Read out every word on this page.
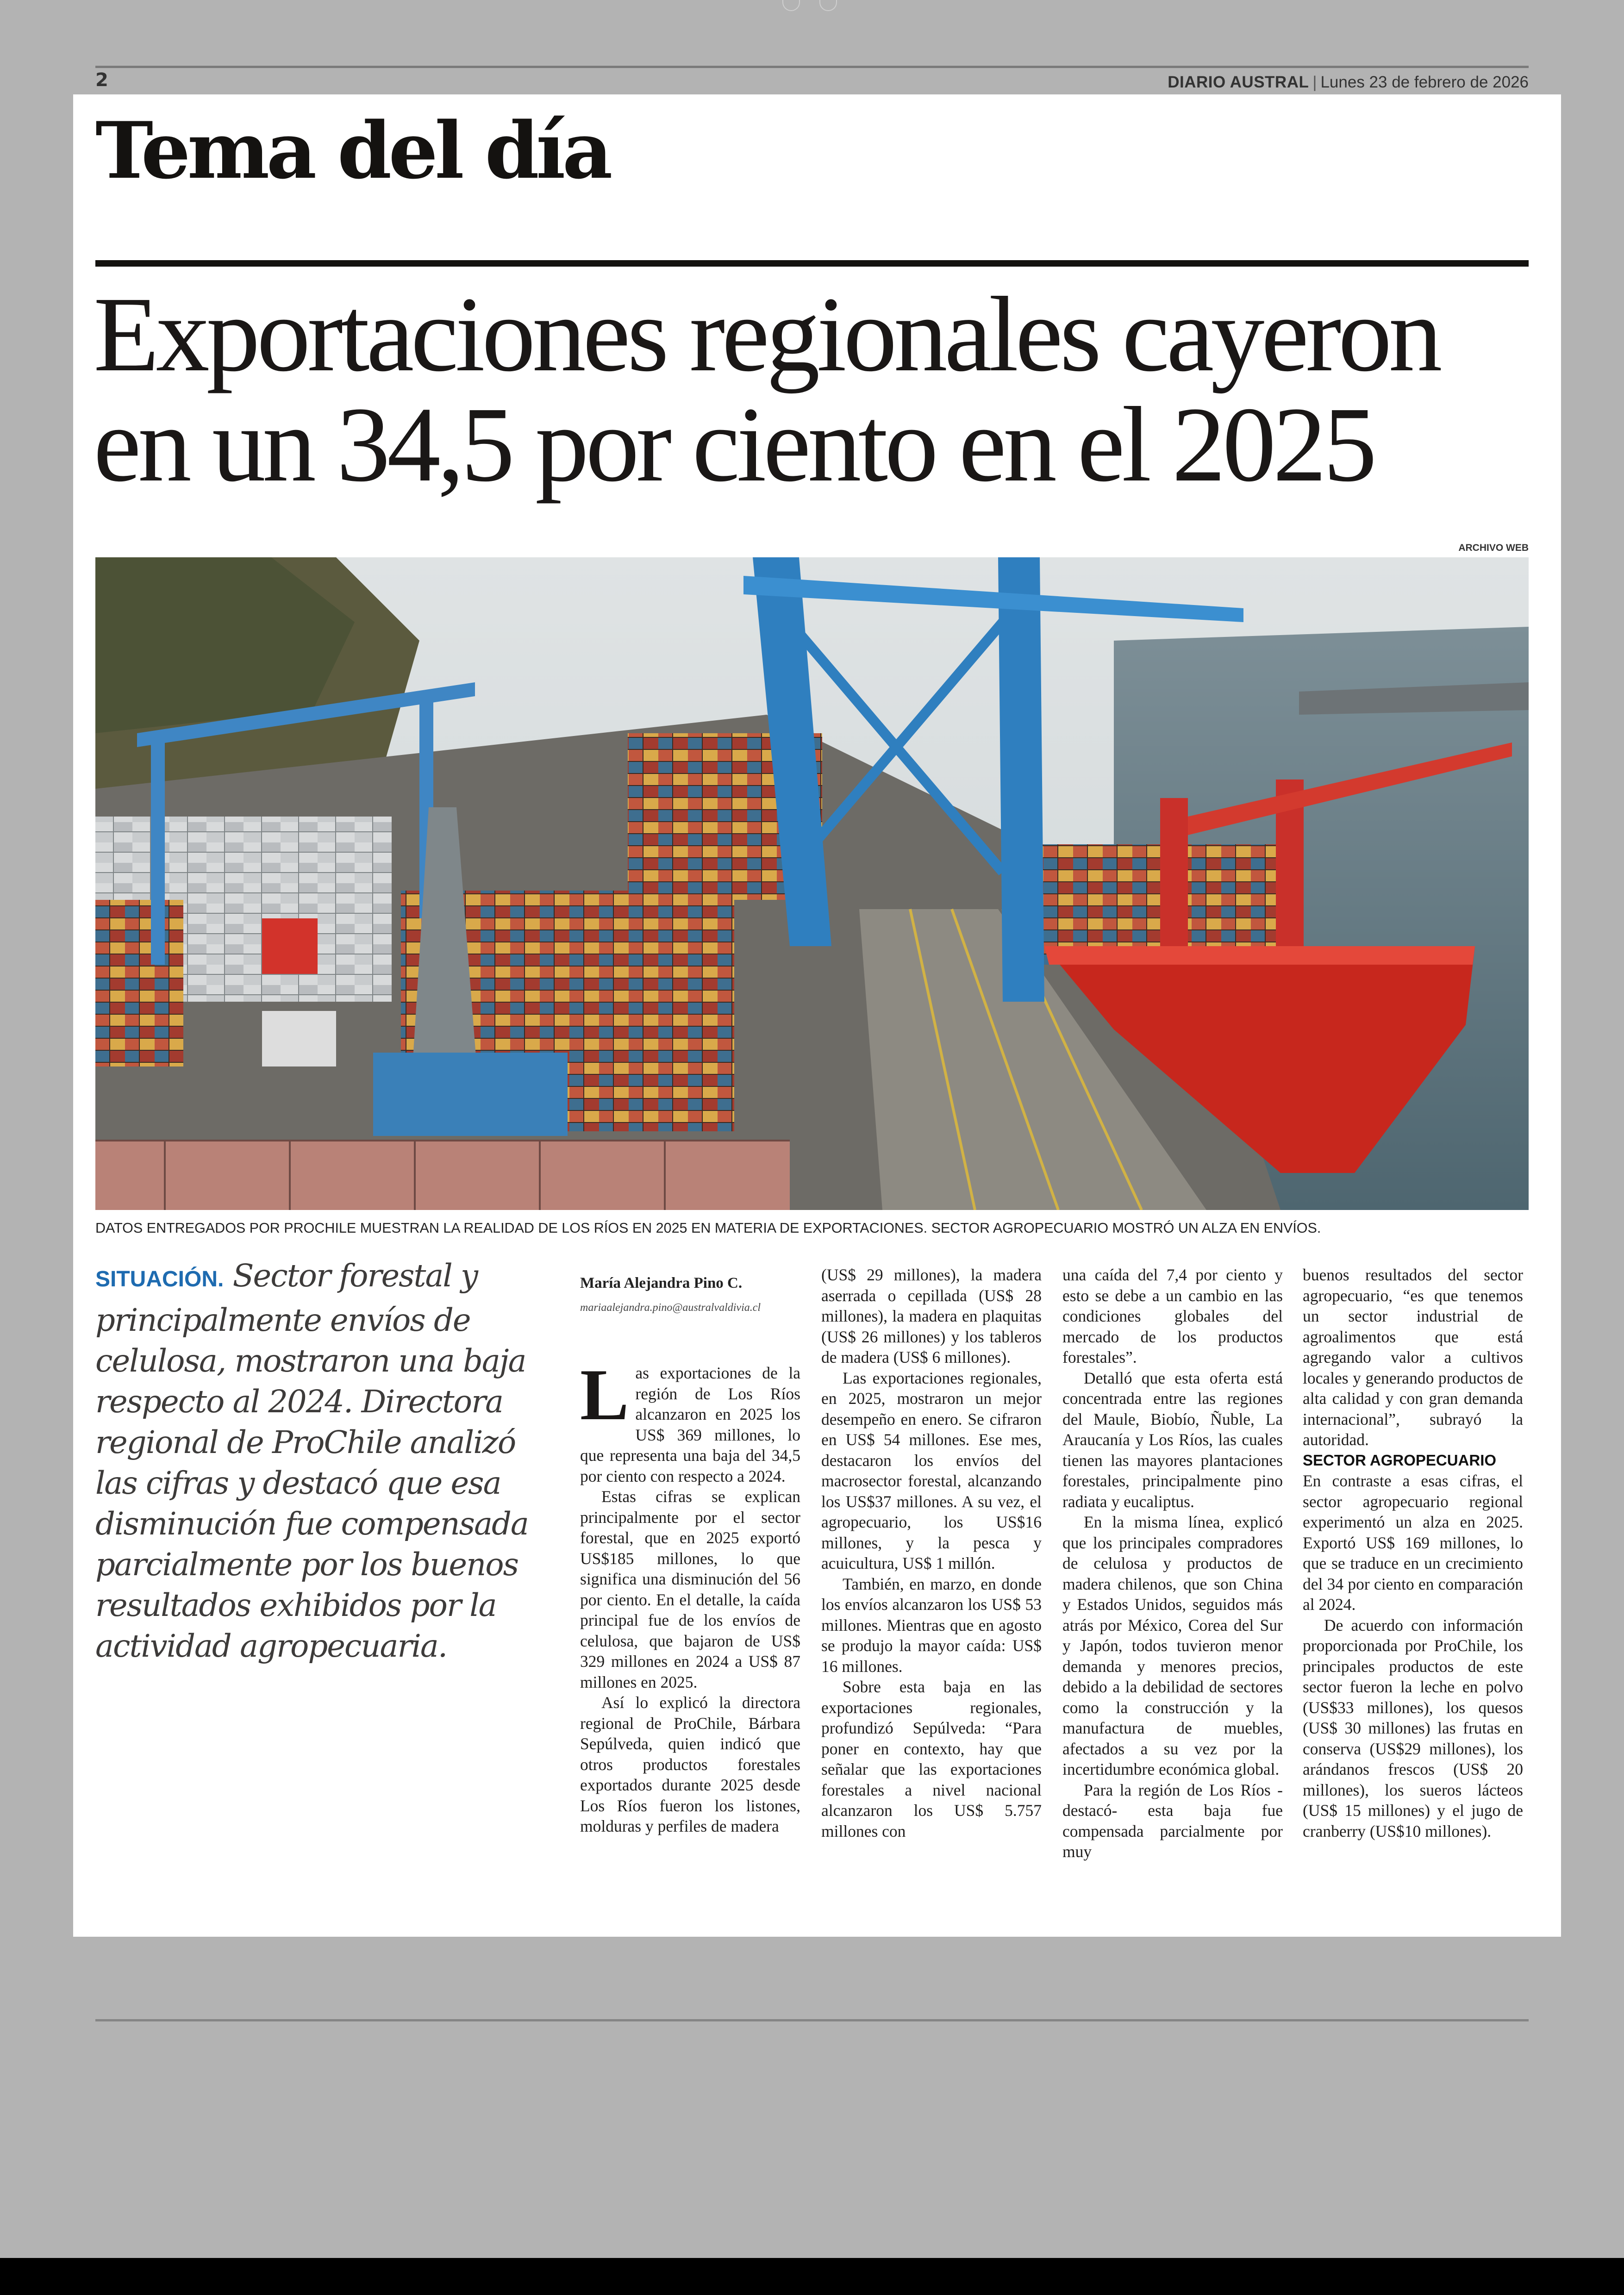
2	DIARIO AUSTRAL | Lunes 23 de febrero de 2026
Tema del día
Exportaciones regionales cayeron
en un 34,5 por ciento en el 2025
ARCHIVO WEB
DATOS ENTREGADOS POR PROCHILE MUESTRAN LA REALIDAD DE LOS RÍOS EN 2025 EN MATERIA DE EXPORTACIONES. SECTOR AGROPECUARIO MOSTRÓ UN ALZA EN ENVÍOS.
SITUACIÓN. Sector forestal y principalmente envíos de celulosa, mostraron una baja respecto al 2024. Directora regional de ProChile analizó las cifras y destacó que esa disminución fue compensada parcialmente por los buenos resultados exhibidos por la actividad agropecuaria.
María Alejandra Pino C.
mariaalejandra.pino@australvaldivia.cl

Las exportaciones de la región de Los Ríos alcanzaron en 2025 los US$ 369 millones, lo que representa una baja del 34,5 por ciento con respecto a 2024.

Estas cifras se explican principalmente por el sector forestal, que en 2025 exportó US$185 millones, lo que significa una disminución del 56 por ciento. En el detalle, la caída principal fue de los envíos de celulosa, que bajaron de US$ 329 millones en 2024 a US$ 87 millones en 2025.

Así lo explicó la directora regional de ProChile, Bárbara Sepúlveda, quien indicó que otros productos forestales exportados durante 2025 desde Los Ríos fueron los listones, molduras y perfiles de madera

(US$ 29 millones), la madera aserrada o cepillada (US$ 28 millones), la madera en plaquitas (US$ 26 millones) y los tableros de madera (US$ 6 millones).

Las exportaciones regionales, en 2025, mostraron un mejor desempeño en enero. Se cifraron en US$ 54 millones. Ese mes, destacaron los envíos del macrosector forestal, alcanzando los US$37 millones. A su vez, el agropecuario, los US$16 millones, y la pesca y acuicultura, US$ 1 millón.

También, en marzo, en donde los envíos alcanzaron los US$ 53 millones. Mientras que en agosto se produjo la mayor caída: US$ 16 millones.

Sobre esta baja en las exportaciones regionales, profundizó Sepúlveda: “Para poner en contexto, hay que señalar que las exportaciones forestales a nivel nacional alcanzaron los US$ 5.757 millones con

una caída del 7,4 por ciento y esto se debe a un cambio en las condiciones globales del mercado de los productos forestales”.

Detalló que esta oferta está concentrada entre las regiones del Maule, Biobío, Ñuble, La Araucanía y Los Ríos, las cuales tienen las mayores plantaciones forestales, principalmente pino radiata y eucaliptus.

En la misma línea, explicó que los principales compradores de celulosa y productos de madera chilenos, que son China y Estados Unidos, seguidos más atrás por México, Corea del Sur y Japón, todos tuvieron menor demanda y menores precios, debido a la debilidad de sectores como la construcción y la manufactura de muebles, afectados a su vez por la incertidumbre económica global.

Para la región de Los Ríos -destacó- esta baja fue compensada parcialmente por muy

buenos resultados del sector agropecuario, “es que tenemos un sector industrial de agroalimentos que está agregando valor a cultivos locales y generando productos de alta calidad y con gran demanda internacional”, subrayó la autoridad.

SECTOR AGROPECUARIO

En contraste a esas cifras, el sector agropecuario regional experimentó un alza en 2025. Exportó US$ 169 millones, lo que se traduce en un crecimiento del 34 por ciento en comparación al 2024.

De acuerdo con información proporcionada por ProChile, los principales productos de este sector fueron la leche en polvo (US$33 millones), los quesos (US$ 30 millones) las frutas en conserva (US$29 millones), los arándanos frescos (US$ 20 millones), los sueros lácteos (US$ 15 millones) y el jugo de cranberry (US$10 millones).
